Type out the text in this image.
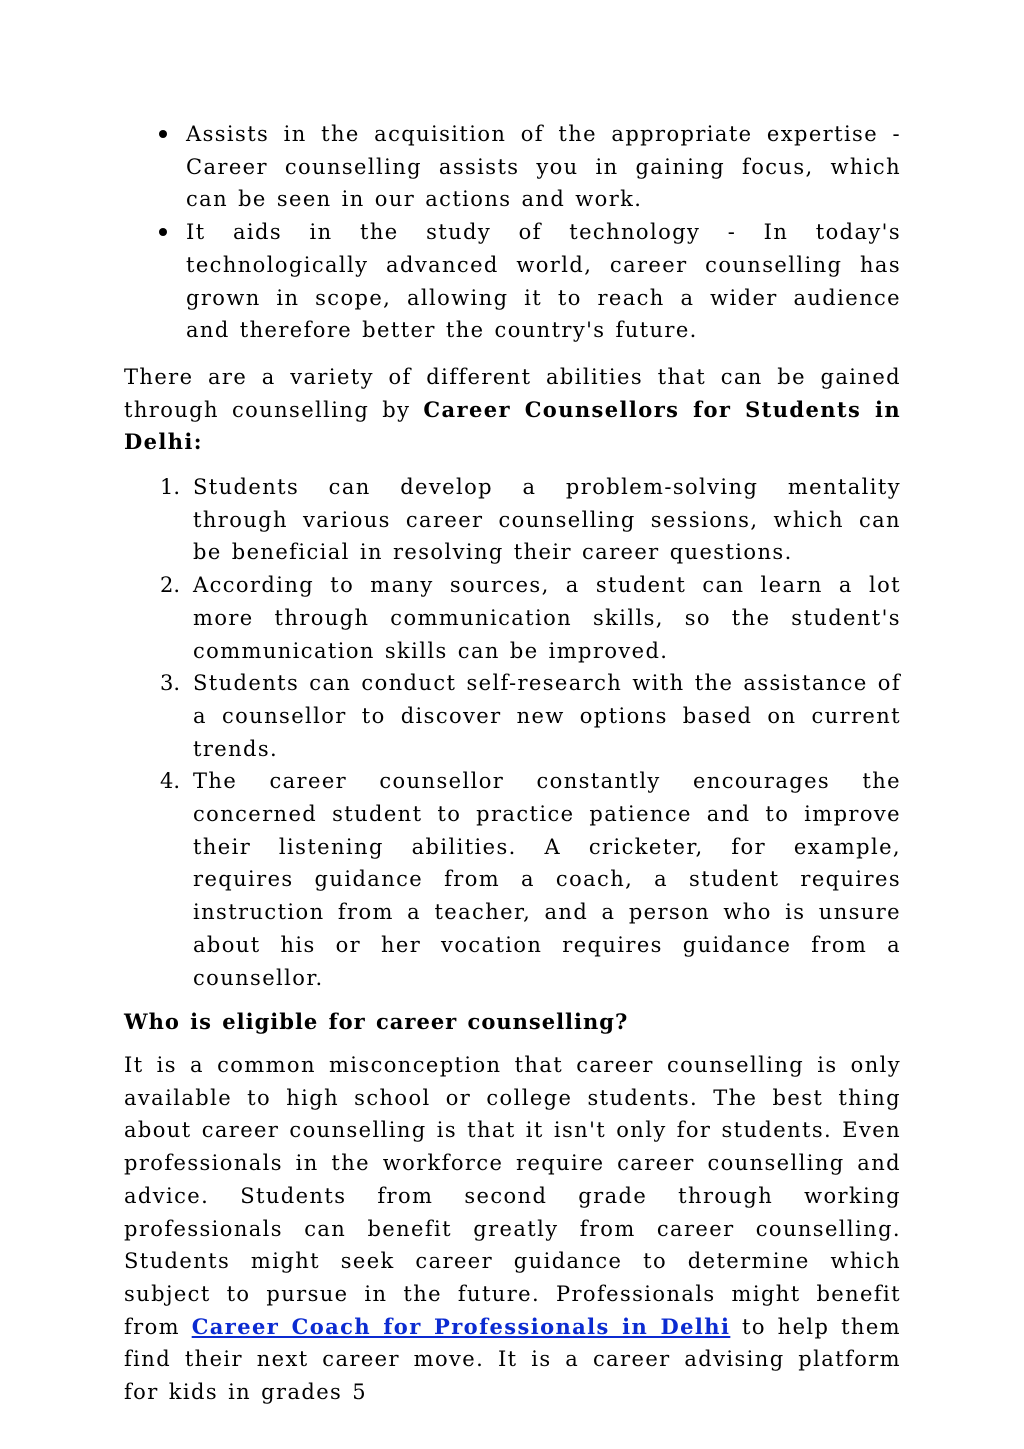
Assists in the acquisition of the appropriate expertise - Career counselling assists you in gaining focus, which can be seen in our actions and work.
It aids in the study of technology - In today's technologically advanced world, career counselling has grown in scope, allowing it to reach a wider audience and therefore better the country's future.

There are a variety of different abilities that can be gained through counselling by Career Counsellors for Students in Delhi:

1. Students can develop a problem-solving mentality through various career counselling sessions, which can be beneficial in resolving their career questions.
2. According to many sources, a student can learn a lot more through communication skills, so the student's communication skills can be improved.
3. Students can conduct self-research with the assistance of a counsellor to discover new options based on current trends.
4. The career counsellor constantly encourages the concerned student to practice patience and to improve their listening abilities. A cricketer, for example, requires guidance from a coach, a student requires instruction from a teacher, and a person who is unsure about his or her vocation requires guidance from a counsellor.

Who is eligible for career counselling?

It is a common misconception that career counselling is only available to high school or college students. The best thing about career counselling is that it isn't only for students. Even professionals in the workforce require career counselling and advice. Students from second grade through working professionals can benefit greatly from career counselling. Students might seek career guidance to determine which subject to pursue in the future. Professionals might benefit from Career Coach for Professionals in Delhi to help them find their next career move. It is a career advising platform for kids in grades 5
